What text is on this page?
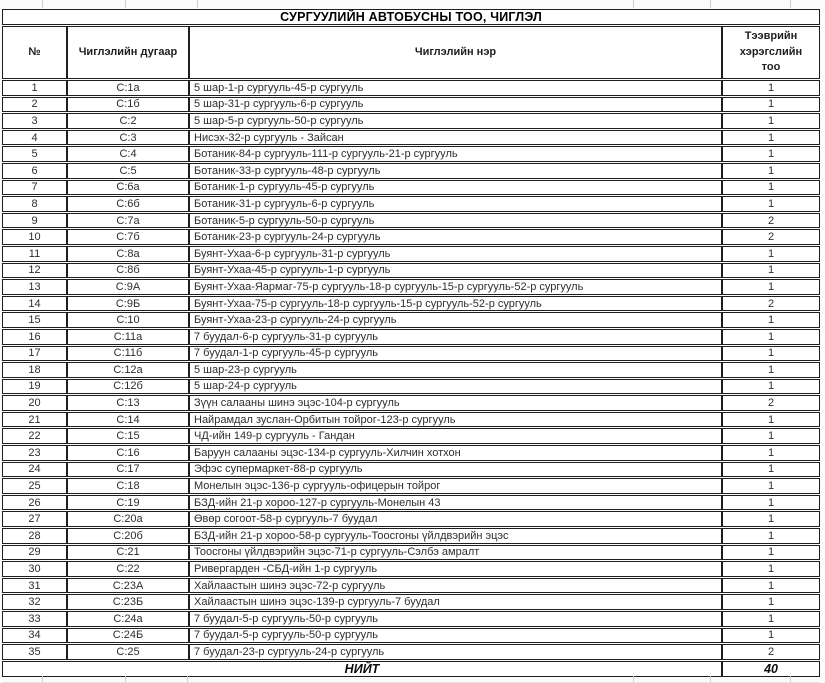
СУРГУУЛИЙН АВТОБУСНЫ ТОО, ЧИГЛЭЛ			
№	Чиглэлийн дугаар	Чиглэлийн нэр	Тээврийн хэрэгслийн тоо
1	С:1а	5 шар-1-р сургууль-45-р сургууль	1
2	С:1б	5 шар-31-р сургууль-6-р сургууль	1
3	С:2	5 шар-5-р сургууль-50-р сургууль	1
4	С:3	Нисэх-32-р сургууль - Зайсан	1
5	С:4	Ботаник-84-р сургууль-111-р сургууль-21-р сургууль	1
6	С:5	Ботаник-33-р сургууль-48-р сургууль	1
7	С:6а	Ботаник-1-р сургууль-45-р сургууль	1
8	С:6б	Ботаник-31-р сургууль-6-р сургууль	1
9	С:7а	Ботаник-5-р сургууль-50-р сургууль	2
10	С:7б	Ботаник-23-р сургууль-24-р сургууль	2
11	С:8а	Буянт-Ухаа-6-р сургууль-31-р сургууль	1
12	С:8б	Буянт-Ухаа-45-р сургууль-1-р сургууль	1
13	С:9А	Буянт-Ухаа-Яармаг-75-р сургууль-18-р сургууль-15-р сургууль-52-р сургууль	1
14	С:9Б	Буянт-Ухаа-75-р сургууль-18-р сургууль-15-р сургууль-52-р сургууль	2
15	С:10	Буянт-Ухаа-23-р сургууль-24-р сургууль	1
16	С:11а	7 буудал-6-р сургууль-31-р сургууль	1
17	С:11б	7 буудал-1-р сургууль-45-р сургууль	1
18	С:12а	5 шар-23-р сургууль	1
19	С:12б	5 шар-24-р сургууль	1
20	С:13	Зүүн салааны шинэ эцэс-104-р сургууль	2
21	С:14	Найрамдал зуслан-Орбитын тойрог-123-р сургууль	1
22	С:15	ЧД-ийн 149-р сургууль - Гандан	1
23	С:16	Баруун салааны эцэс-134-р сургууль-Хилчин хотхон	1
24	С:17	Эфэс супермаркет-88-р сургууль	1
25	С:18	Монелын эцэс-136-р сургууль-офицерын тойрог	1
26	С:19	БЗД-ийн 21-р хороо-127-р сургууль-Монелын 43	1
27	С:20а	Өвөр согоот-58-р сургууль-7 буудал	1
28	С:20б	БЗД-ийн 21-р хороо-58-р сургууль-Тоосгоны үйлдвэрийн эцэс	1
29	С:21	Тоосгоны үйлдвэрийн эцэс-71-р сургууль-Сэлбэ амралт	1
30	С:22	Ривергарден -СБД-ийн 1-р сургууль	1
31	С:23А	Хайлаастын шинэ эцэс-72-р сургууль	1
32	С:23Б	Хайлаастын шинэ эцэс-139-р сургууль-7 буудал	1
33	С:24а	7 буудал-5-р сургууль-50-р сургууль	1
34	С:24Б	7 буудал-5-р сургууль-50-р сургууль	1
35	С:25	7 буудал-23-р сургууль-24-р сургууль	2
НИЙТ			40
